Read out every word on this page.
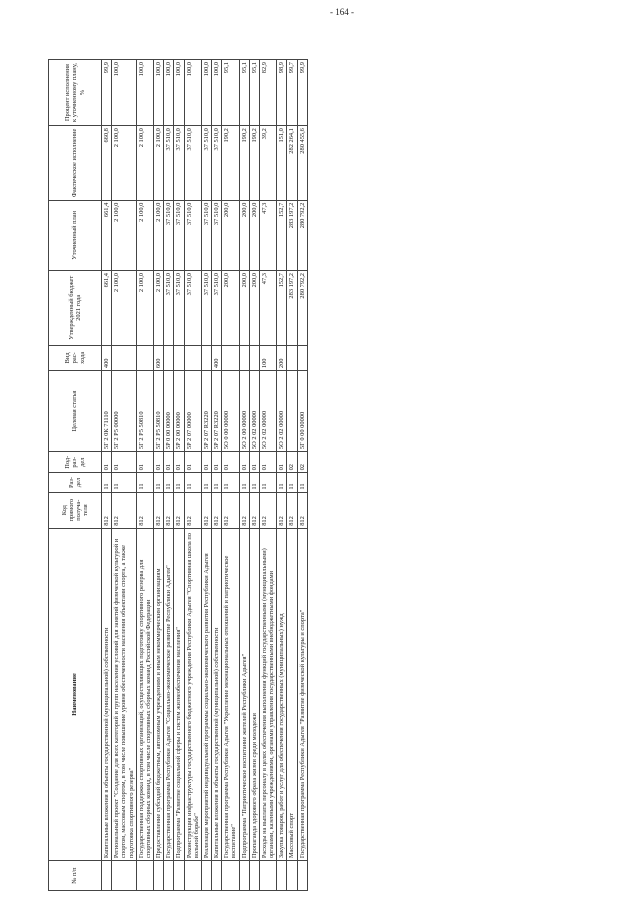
- 164 -
№ п/п	Наименование	Код прямого получа-теля	Раз-дел	Под-раз-дел	Целевая статья	Вид рас-хода	Утвержденный бюджет 2021 года	Уточненный план	Фактическое исполнение	Процент исполнения к уточненному плану, %
	Капитальные вложения в объекты государственной (муниципальной) собственности	812	11	01	5Г 2 0К 71110	400	661,4	661,4	660,8	99,9
	Региональный проект "Создание для всех категорий и групп населения условий для занятий физической культурой и спортом, массовым спортом, в том числе повышение уровня обеспеченности населения объектами спорта, а также подготовка спортивного резерва"	812	11	01	5Г 2 P5 00000		2 100,0	2 100,0	2 100,0	100,0
	Государственная поддержка спортивных организаций, осуществляющих подготовку спортивного резерва для спортивных сборных команд, в том числе спортивных сборных команд Российской Федерации	812	11	01	5Г 2 P5 50810		2 100,0	2 100,0	2 100,0	100,0
	Предоставление субсидий бюджетным, автономным учреждениям и иным некоммерческим организациям	812	11	01	5Г 2 P5 50810	600	2 100,0	2 100,0	2 100,0	100,0
	Государственная программа Республики Адыгея "Социально-экономическое развитие Республики Адыгея"	812	11	01	5P 0 00 00000		37 510,0	37 510,0	37 510,0	100,0
	Подпрограмма "Развитие социальной сферы и систем жизнеобеспечения населения"	812	11	01	5P 2 00 00000		37 510,0	37 510,0	37 510,0	100,0
	Реконструкция инфраструктуры государственного бюджетного учреждения Республики Адыгея "Спортивная школа по вольной борьбе"	812	11	01	5P 2 07 00000		37 510,0	37 510,0	37 510,0	100,0
	Реализация мероприятий индивидуальной программы социально-экономического развития Республики Адыгея	812	11	01	5P 2 07 R3220		37 510,0	37 510,0	37 510,0	100,0
	Капитальные вложения в объекты государственной (муниципальной) собственности	812	11	01	5P 2 07 R3220	400	37 510,0	37 510,0	37 510,0	100,0
	Государственная программа Республики Адыгея "Укрепление межнациональных отношений и патриотическое воспитание"	812	11	01	5O 0 00 00000		200,0	200,0	190,2	95,1
	Подпрограмма "Патриотическое воспитание жителей Республики Адыгея"	812	11	01	5O 2 00 00000		200,0	200,0	190,2	95,1
	Пропаганда здорового образа жизни среди молодежи	812	11	01	5O 2 02 00000		200,0	200,0	190,2	95,1
	Расходы на выплаты персоналу в целях обеспечения выполнения функций государственными (муниципальными) органами, казенными учреждениями, органами управления государственными внебюджетными фондами	812	11	01	5O 2 02 00000	100	47,3	47,3	39,2	82,9
	Закупка товаров, работ и услуг для обеспечения государственных (муниципальных) нужд	812	11	01	5O 2 02 00000	200	152,7	152,7	151,0	98,9
	Массовый спорт	812	11	02			283 197,2	283 197,2	282 264,1	99,7
	Государственная программа Республики Адыгея "Развитие физической культуры и спорта"	812	11	02	5Г 0 00 00000		280 792,2	280 792,2	280 455,6	99,9
